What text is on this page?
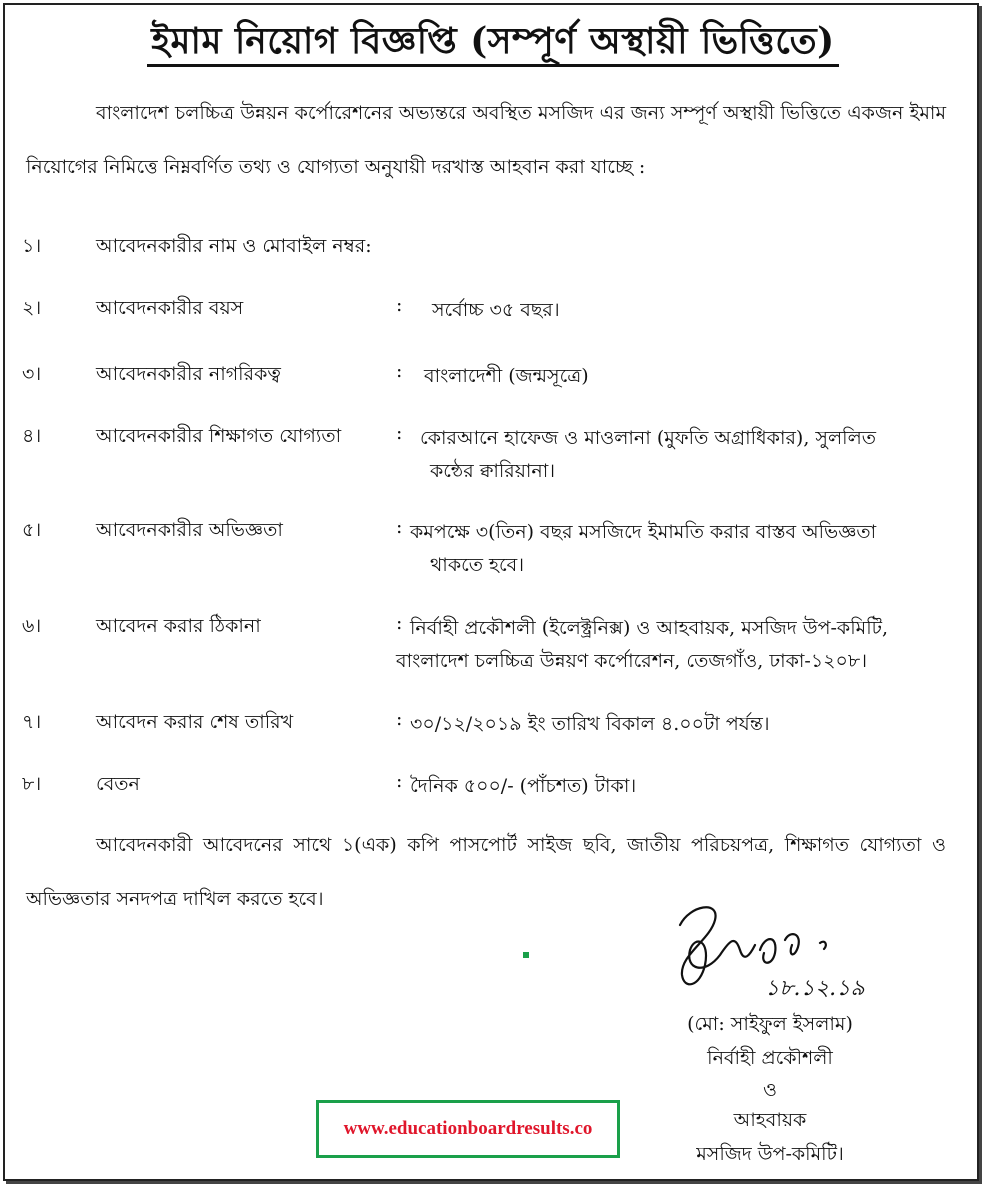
ইমাম নিয়োগ বিজ্ঞপ্তি (সম্পূর্ণ অস্থায়ী ভিত্তিতে)

বাংলাদেশ চলচ্চিত্র উন্নয়ন কর্পোরেশনের অভ্যন্তরে অবস্থিত মসজিদ এর জন্য সম্পূর্ণ অস্থায়ী ভিত্তিতে একজন ইমাম নিয়োগের নিমিত্তে নিম্নবর্ণিত তথ্য ও যোগ্যতা অনুযায়ী দরখাস্ত আহবান করা যাচ্ছে :

১।	আবেদনকারীর নাম ও মোবাইল নম্বর:
২।	আবেদনকারীর বয়স	: সর্বোচ্চ ৩৫ বছর।
৩।	আবেদনকারীর নাগরিকত্ব	: বাংলাদেশী (জন্মসূত্রে)
৪।	আবেদনকারীর শিক্ষাগত যোগ্যতা	: কোরআনে হাফেজ ও মাওলানা (মুফতি অগ্রাধিকার), সুললিত
কন্ঠের ক্বারিয়ানা।
৫।	আবেদনকারীর অভিজ্ঞতা	: কমপক্ষে ৩(তিন) বছর মসজিদে ইমামতি করার বাস্তব অভিজ্ঞতা
থাকতে হবে।
৬।	আবেদন করার ঠিকানা	: নির্বাহী প্রকৌশলী (ইলেক্ট্রনিক্স) ও আহবায়ক, মসজিদ উপ-কমিটি,
বাংলাদেশ চলচ্চিত্র উন্নয়ণ কর্পোরেশন, তেজগাঁও, ঢাকা-১২০৮।
৭।	আবেদন করার শেষ তারিখ	: ৩০/১২/২০১৯ ইং তারিখ বিকাল ৪.০০টা পর্যন্ত।
৮।	বেতন	: দৈনিক ৫০০/- (পাঁচশত) টাকা।

আবেদনকারী আবেদনের সাথে ১(এক) কপি পাসপোর্ট সাইজ ছবি, জাতীয় পরিচয়পত্র, শিক্ষাগত যোগ্যতা ও অভিজ্ঞতার সনদপত্র দাখিল করতে হবে।

১৮.১২.১৯
(মো: সাইফুল ইসলাম)
নির্বাহী প্রকৌশলী
ও
আহবায়ক
মসজিদ উপ-কমিটি।
www.educationboardresults.co
